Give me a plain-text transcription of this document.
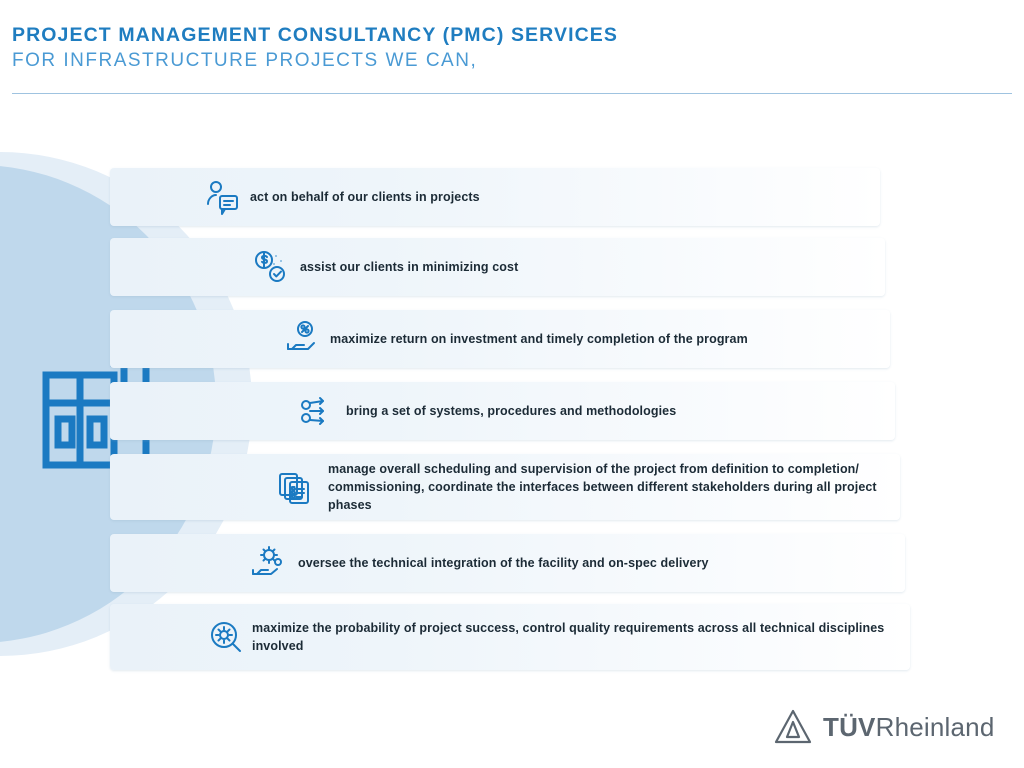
PROJECT MANAGEMENT CONSULTANCY (PMC) SERVICES
FOR INFRASTRUCTURE PROJECTS WE CAN,
act on behalf of our clients in projects
assist our clients in minimizing cost
maximize return on investment and timely completion of the program
bring a set of systems, procedures and methodologies
manage overall scheduling and supervision of the project from definition to completion/ commissioning, coordinate the interfaces between different stakeholders during all project phases
oversee the technical integration of the facility and on-spec delivery
maximize the probability of project success, control quality requirements across all technical disciplines involved
TÜVRheinland
